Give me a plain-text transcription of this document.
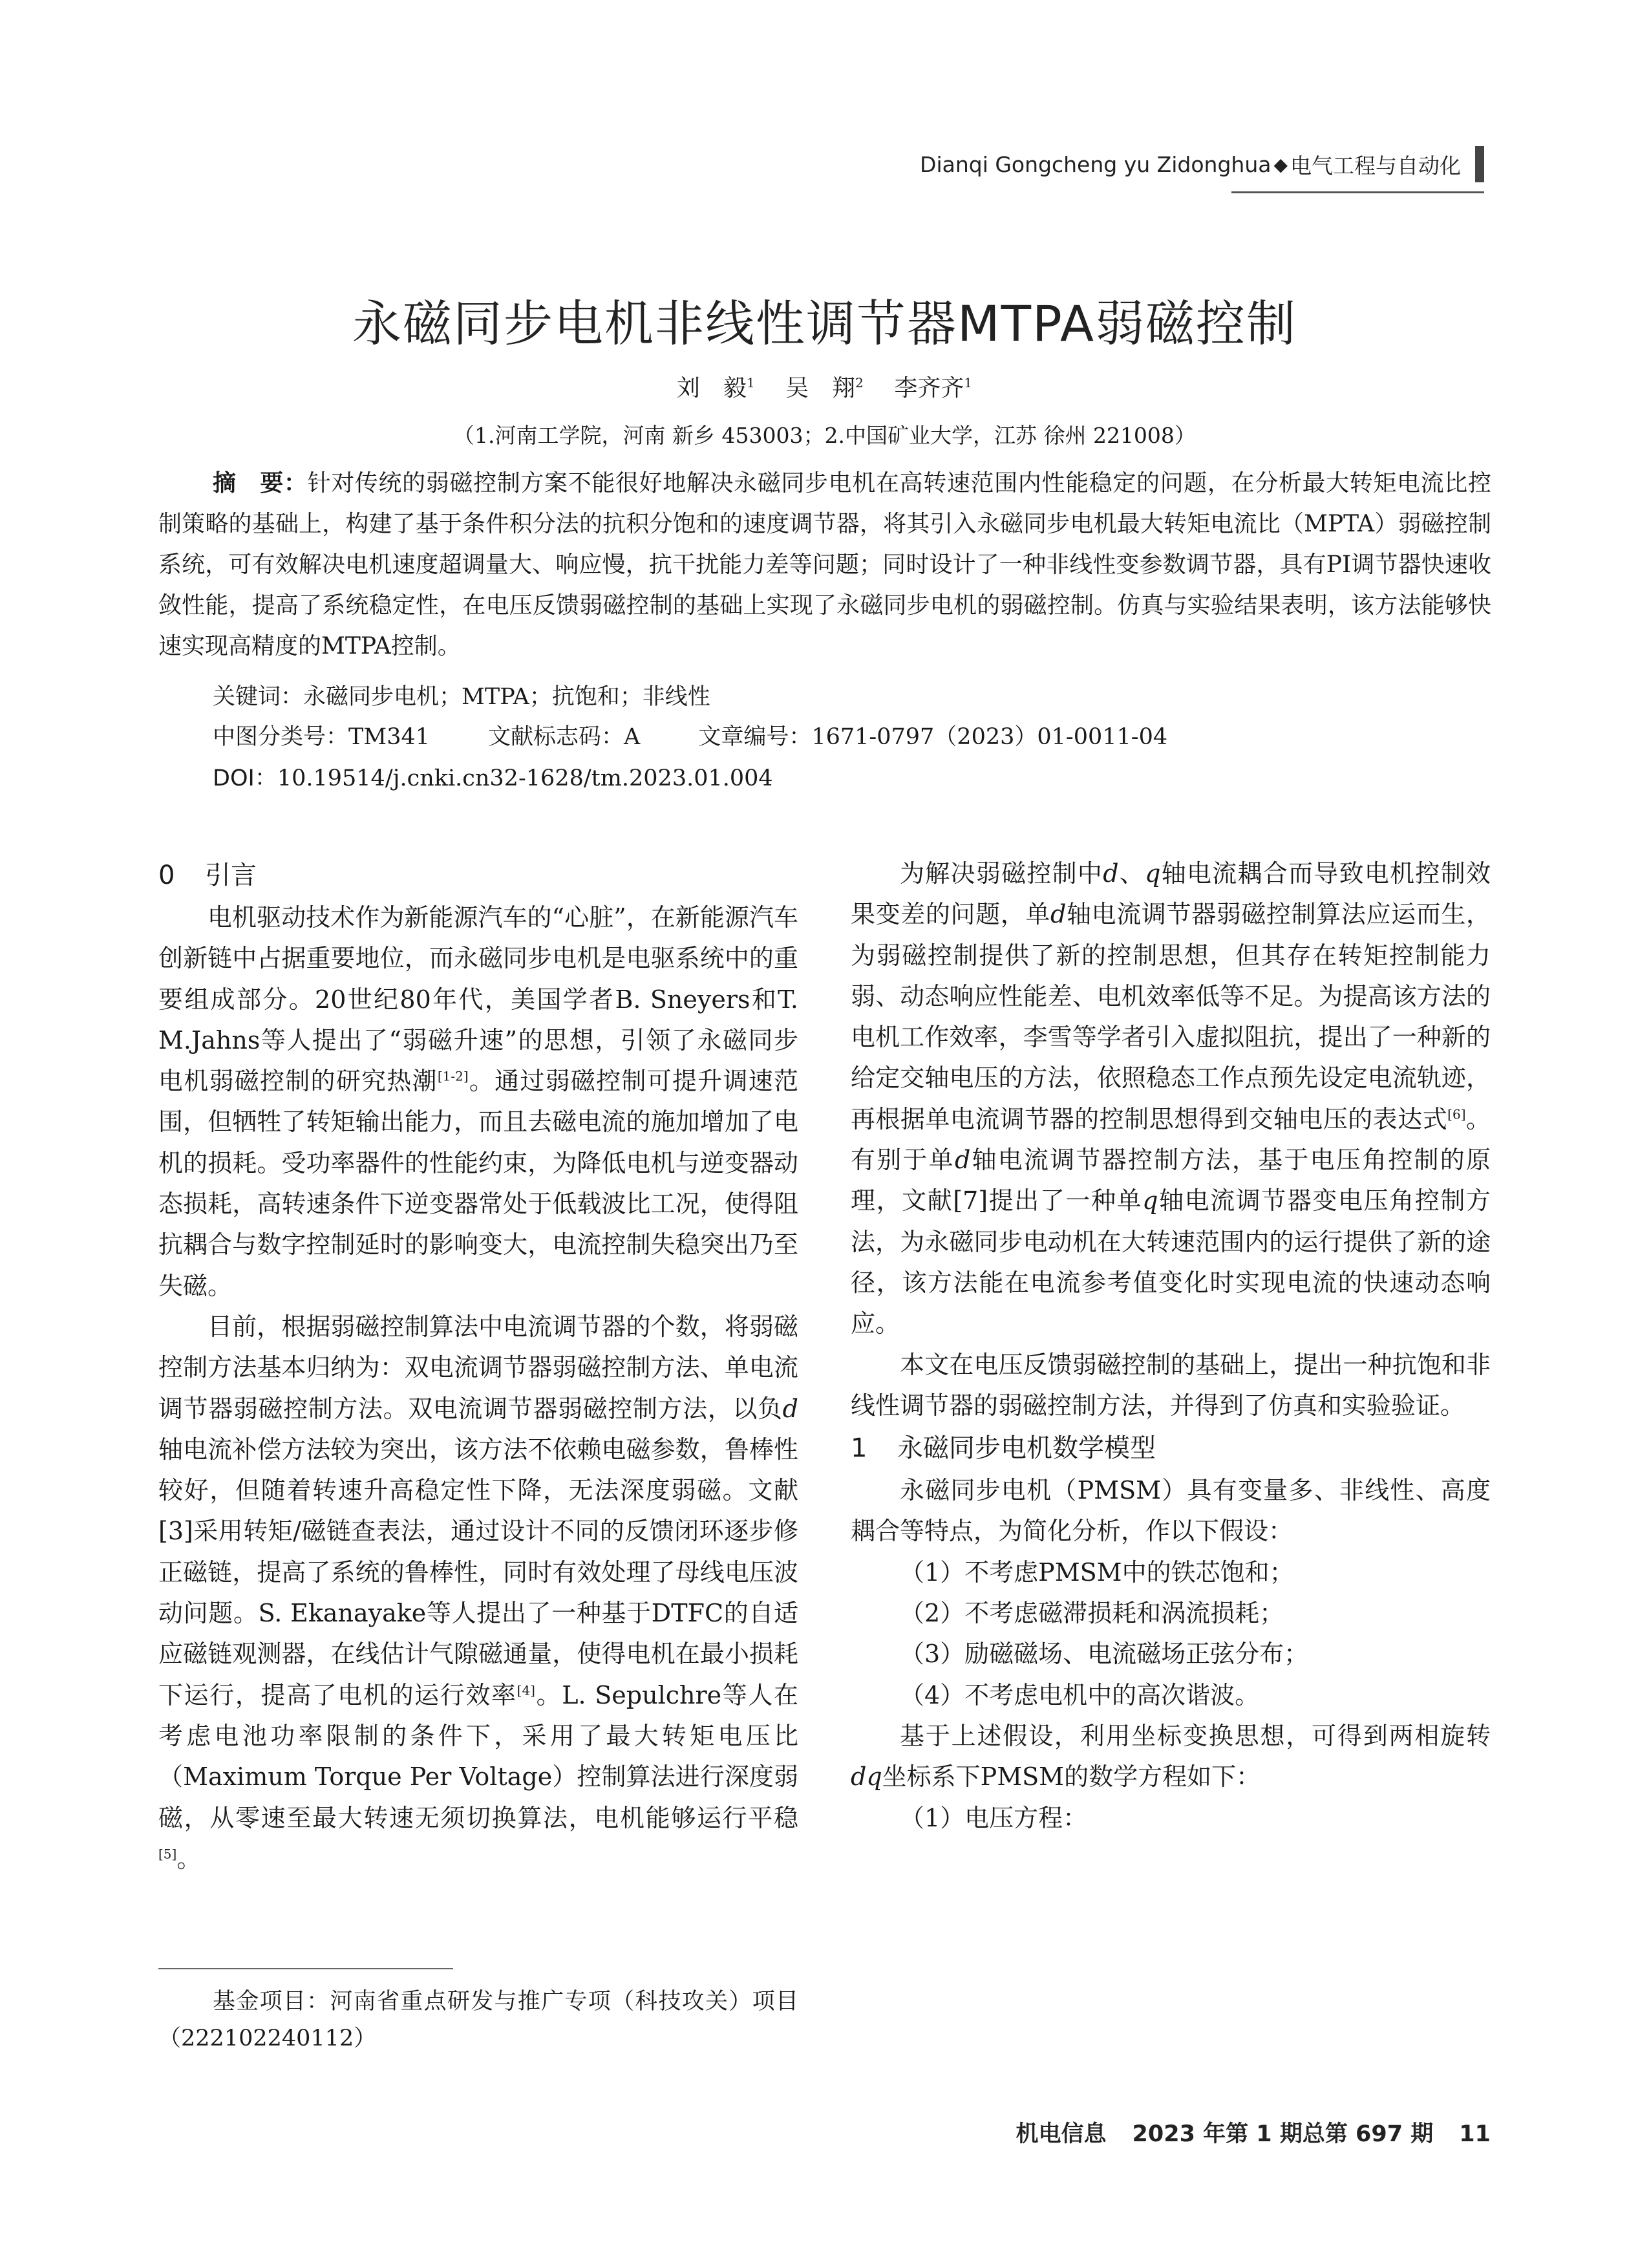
Dianqi Gongcheng yu Zidonghua ◆ 电气工程与自动化
永磁同步电机非线性调节器MTPA弱磁控制
刘　毅$^1$ 吴　翔$^2$ 李齐齐$^1$
（1.河南工学院，河南 新乡 453003；2.中国矿业大学，江苏 徐州 221008）
摘　要：针对传统的弱磁控制方案不能很好地解决永磁同步电机在高转速范围内性能稳定的问题，在分析最大转矩电流比控制策略的基础上，构建了基于条件积分法的抗积分饱和的速度调节器，将其引入永磁同步电机最大转矩电流比（MPTA）弱磁控制系统，可有效解决电机速度超调量大、响应慢，抗干扰能力差等问题；同时设计了一种非线性变参数调节器，具有PI调节器快速收敛性能，提高了系统稳定性，在电压反馈弱磁控制的基础上实现了永磁同步电机的弱磁控制。仿真与实验结果表明，该方法能够快速实现高精度的MTPA控制。
关键词：永磁同步电机；MTPA；抗饱和；非线性
中图分类号：TM341	文献标志码：A	文章编号：1671-0797（2023）01-0011-04
DOI：10.19514/j.cnki.cn32-1628/tm.2023.01.004

0 引言

电机驱动技术作为新能源汽车的“心脏”，在新能源汽车创新链中占据重要地位，而永磁同步电机是电驱系统中的重要组成部分。20世纪80年代，美国学者B. Sneyers和T. M.Jahns等人提出了“弱磁升速”的思想，引领了永磁同步电机弱磁控制的研究热潮[1-2]。通过弱磁控制可提升调速范围，但牺牲了转矩输出能力，而且去磁电流的施加增加了电机的损耗。受功率器件的性能约束，为降低电机与逆变器动态损耗，高转速条件下逆变器常处于低载波比工况，使得阻抗耦合与数字控制延时的影响变大，电流控制失稳突出乃至失磁。

目前，根据弱磁控制算法中电流调节器的个数，将弱磁控制方法基本归纳为：双电流调节器弱磁控制方法、单电流调节器弱磁控制方法。双电流调节器弱磁控制方法，以负d轴电流补偿方法较为突出，该方法不依赖电磁参数，鲁棒性较好，但随着转速升高稳定性下降，无法深度弱磁。文献[3]采用转矩/磁链查表法，通过设计不同的反馈闭环逐步修正磁链，提高了系统的鲁棒性，同时有效处理了母线电压波动问题。S. Ekanayake等人提出了一种基于DTFC的自适应磁链观测器，在线估计气隙磁通量，使得电机在最小损耗下运行，提高了电机的运行效率[4]。L. Sepulchre等人在考虑电池功率限制的条件下，采用了最大转矩电压比（Maximum Torque Per Voltage）控制算法进行深度弱磁，从零速至最大转速无须切换算法，电机能够运行平稳[5]。

为解决弱磁控制中d、q轴电流耦合而导致电机控制效果变差的问题，单d轴电流调节器弱磁控制算法应运而生，为弱磁控制提供了新的控制思想，但其存在转矩控制能力弱、动态响应性能差、电机效率低等不足。为提高该方法的电机工作效率，李雪等学者引入虚拟阻抗，提出了一种新的给定交轴电压的方法，依照稳态工作点预先设定电流轨迹，再根据单电流调节器的控制思想得到交轴电压的表达式[6]。有别于单d轴电流调节器控制方法，基于电压角控制的原理，文献[7]提出了一种单q轴电流调节器变电压角控制方法，为永磁同步电动机在大转速范围内的运行提供了新的途径，该方法能在电流参考值变化时实现电流的快速动态响应。

本文在电压反馈弱磁控制的基础上，提出一种抗饱和非线性调节器的弱磁控制方法，并得到了仿真和实验验证。

1 永磁同步电机数学模型

永磁同步电机（PMSM）具有变量多、非线性、高度耦合等特点，为简化分析，作以下假设：

（1）不考虑PMSM中的铁芯饱和；

（2）不考虑磁滞损耗和涡流损耗；

（3）励磁磁场、电流磁场正弦分布；

（4）不考虑电机中的高次谐波。

基于上述假设，利用坐标变换思想，可得到两相旋转dq坐标系下PMSM的数学方程如下：

（1）电压方程：

基金项目：河南省重点研发与推广专项（科技攻关）项目（222102240112）
机电信息 2023 年第 1 期总第 697 期 11
